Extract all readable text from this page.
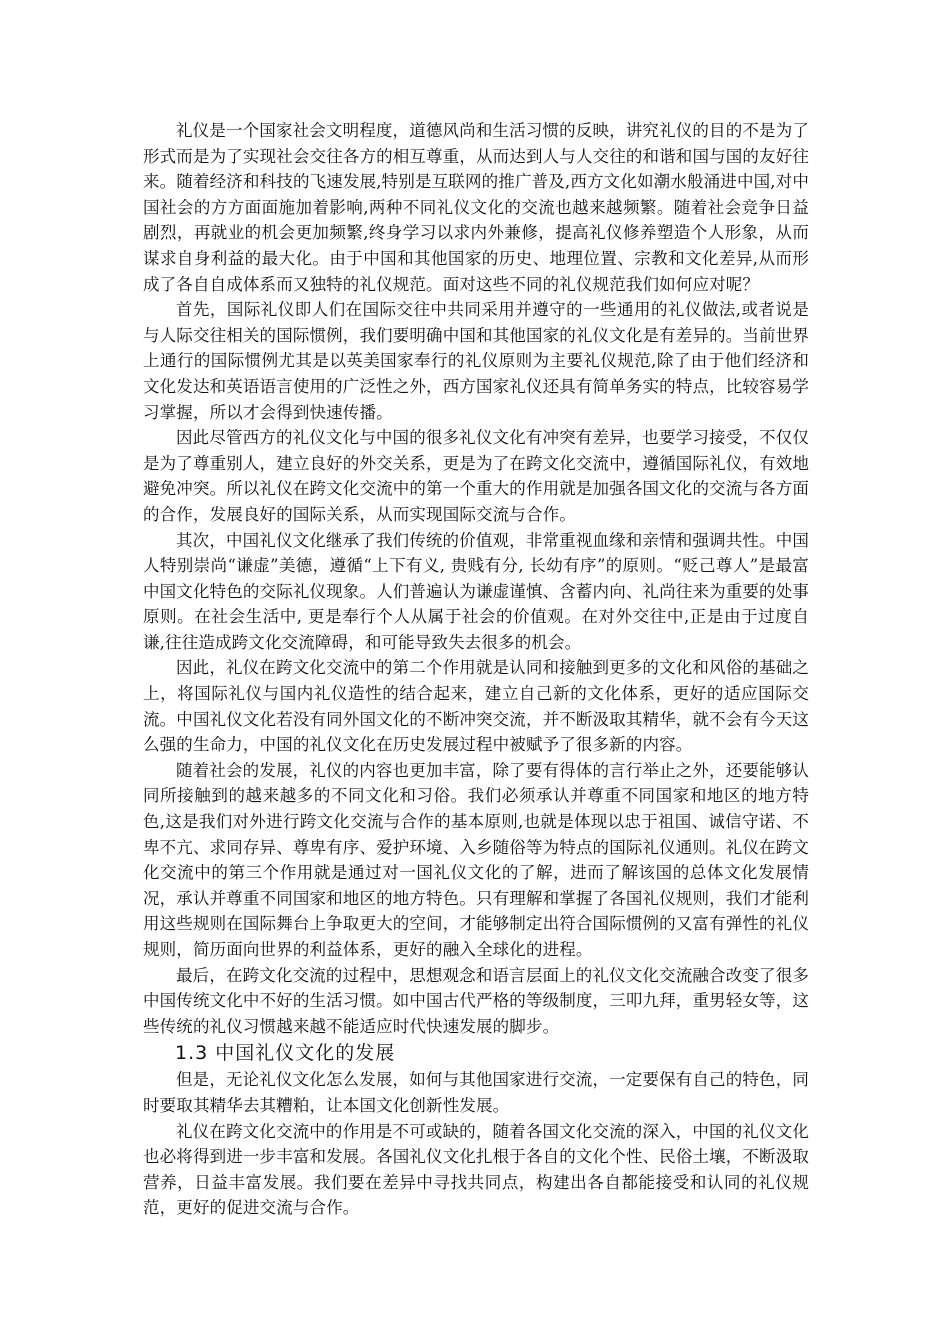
礼仪是一个国家社会文明程度，道德风尚和生活习惯的反映，讲究礼仪的目的不是为了形式而是为了实现社会交往各方的相互尊重，从而达到人与人交往的和谐和国与国的友好往来。随着经济和科技的飞速发展,特别是互联网的推广普及,西方文化如潮水般涌进中国,对中国社会的方方面面施加着影响,两种不同礼仪文化的交流也越来越频繁。随着社会竞争日益剧烈，再就业的机会更加频繁,终身学习以求内外兼修，提高礼仪修养塑造个人形象，从而谋求自身利益的最大化。由于中国和其他国家的历史、地理位置、宗教和文化差异,从而形成了各自自成体系而又独特的礼仪规范。面对这些不同的礼仪规范我们如何应对呢？

首先，国际礼仪即人们在国际交往中共同采用并遵守的一些通用的礼仪做法,或者说是与人际交往相关的国际惯例，我们要明确中国和其他国家的礼仪文化是有差异的。当前世界上通行的国际惯例尤其是以英美国家奉行的礼仪原则为主要礼仪规范,除了由于他们经济和文化发达和英语语言使用的广泛性之外，西方国家礼仪还具有简单务实的特点，比较容易学习掌握，所以才会得到快速传播。

因此尽管西方的礼仪文化与中国的很多礼仪文化有冲突有差异，也要学习接受，不仅仅是为了尊重别人，建立良好的外交关系，更是为了在跨文化交流中，遵循国际礼仪，有效地避免冲突。所以礼仪在跨文化交流中的第一个重大的作用就是加强各国文化的交流与各方面的合作，发展良好的国际关系，从而实现国际交流与合作。

其次，中国礼仪文化继承了我们传统的价值观，非常重视血缘和亲情和强调共性。中国人特别崇尚“谦虚”美德，遵循“上下有义, 贵贱有分, 长幼有序”的原则。“贬己尊人”是最富中国文化特色的交际礼仪现象。人们普遍认为谦虚谨慎、含蓄内向、礼尚往来为重要的处事原则。在社会生活中, 更是奉行个人从属于社会的价值观。在对外交往中,正是由于过度自谦,往往造成跨文化交流障碍，和可能导致失去很多的机会。

因此，礼仪在跨文化交流中的第二个作用就是认同和接触到更多的文化和风俗的基础之上，将国际礼仪与国内礼仪造性的结合起来，建立自己新的文化体系，更好的适应国际交流。中国礼仪文化若没有同外国文化的不断冲突交流，并不断汲取其精华，就不会有今天这么强的生命力，中国的礼仪文化在历史发展过程中被赋予了很多新的内容。

随着社会的发展，礼仪的内容也更加丰富，除了要有得体的言行举止之外，还要能够认同所接触到的越来越多的不同文化和习俗。我们必须承认并尊重不同国家和地区的地方特色,这是我们对外进行跨文化交流与合作的基本原则,也就是体现以忠于祖国、诚信守诺、不卑不亢、求同存异、尊卑有序、爱护环境、入乡随俗等为特点的国际礼仪通则。礼仪在跨文化交流中的第三个作用就是通过对一国礼仪文化的了解，进而了解该国的总体文化发展情况，承认并尊重不同国家和地区的地方特色。只有理解和掌握了各国礼仪规则，我们才能利用这些规则在国际舞台上争取更大的空间，才能够制定出符合国际惯例的又富有弹性的礼仪规则，简历面向世界的利益体系，更好的融入全球化的进程。

最后，在跨文化交流的过程中，思想观念和语言层面上的礼仪文化交流融合改变了很多中国传统文化中不好的生活习惯。如中国古代严格的等级制度，三叩九拜，重男轻女等，这些传统的礼仪习惯越来越不能适应时代快速发展的脚步。

1.3 中国礼仪文化的发展

但是，无论礼仪文化怎么发展，如何与其他国家进行交流，一定要保有自己的特色，同时要取其精华去其糟粕，让本国文化创新性发展。

礼仪在跨文化交流中的作用是不可或缺的，随着各国文化交流的深入，中国的礼仪文化也必将得到进一步丰富和发展。各国礼仪文化扎根于各自的文化个性、民俗土壤，不断汲取营养，日益丰富发展。我们要在差异中寻找共同点，构建出各自都能接受和认同的礼仪规范，更好的促进交流与合作。
